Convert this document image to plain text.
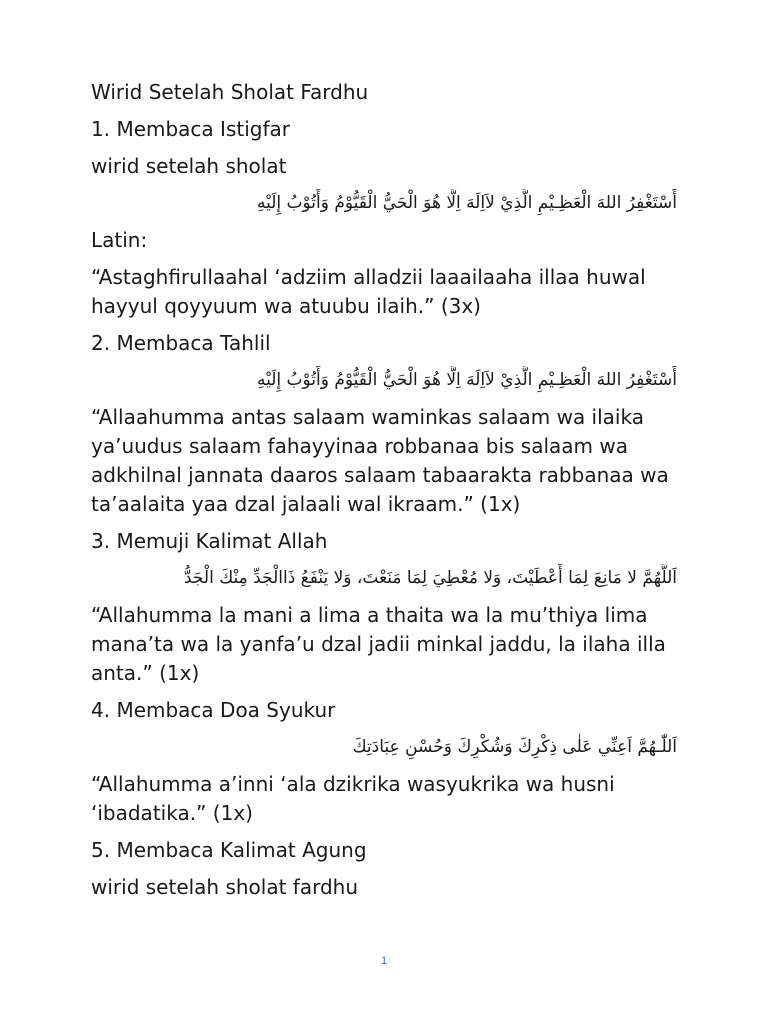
Wirid Setelah Sholat Fardhu
1. Membaca Istigfar
wirid setelah sholat
أَسْتَغْفِرُ اللهَ الْعَظِـيْمِ الَّذِيْ لاَاِلَهَ اِلَّا هُوَ الْحَيُّ الْقَيُّوْمُ وَأَتُوْبُ إِلَيْهِ
Latin:

“Astaghfirullaahal ‘adziim alladzii laaailaaha illaa huwal hayyul qoyyuum wa atuubu ilaih.” (3x)

2. Membaca Tahlil
أَسْتَغْفِرُ اللهَ الْعَظِـيْمِ الَّذِيْ لاَاِلَهَ اِلَّا هُوَ الْحَيُّ الْقَيُّوْمُ وَأَتُوْبُ إِلَيْهِ

“Allaahumma antas salaam waminkas salaam wa ilaika ya’uudus salaam fahayyinaa robbanaa bis salaam wa adkhilnal jannata daaros salaam tabaarakta rabbanaa wa ta’aalaita yaa dzal jalaali wal ikraam.” (1x)

3. Memuji Kalimat Allah
اَللَّهُمَّ لا مَانِعَ لِمَا أَعْطَيْتَ، وَلا مُعْطِيَ لِمَا مَنَعْتَ، وَلا يَنْفَعُ ذَاالْجَدِّ مِنْكَ الْجَدُّ

“Allahumma la mani a lima a thaita wa la mu’thiya lima mana’ta wa la yanfa’u dzal jadii minkal jaddu, la ilaha illa anta.” (1x)

4. Membaca Doa Syukur
اَللّٰـهُمَّ اَعِنِّي عَلٰى ذِكْرِكَ وَشُكْرِكَ وَحُسْنِ عِبَادَتِكَ

“Allahumma a’inni ‘ala dzikrika wasyukrika wa husni ‘ibadatika.” (1x)

5. Membaca Kalimat Agung
wirid setelah sholat fardhu
1
